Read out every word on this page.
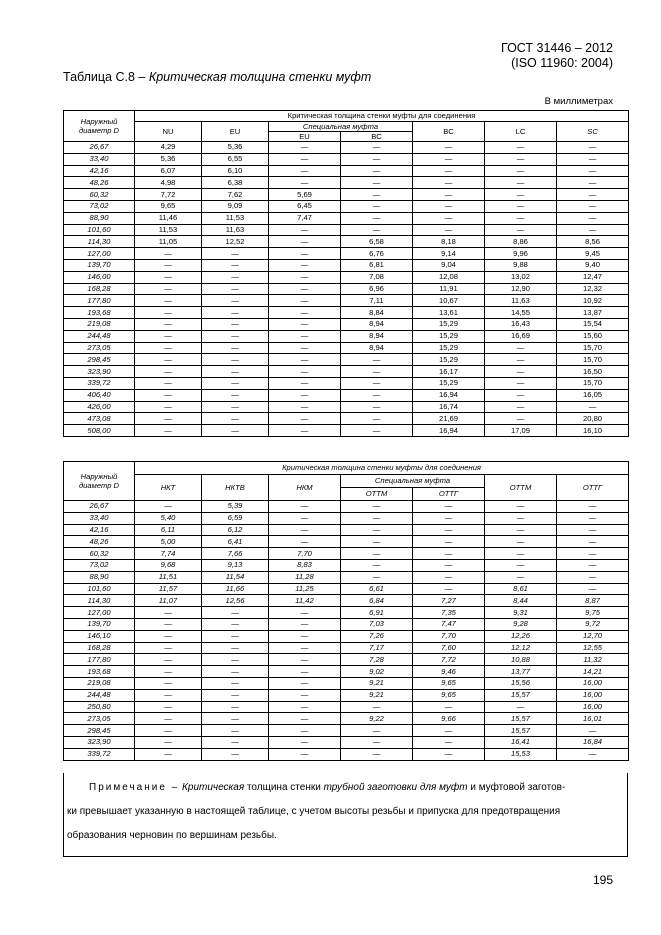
ГОСТ 31446 – 2012
(ISO 11960: 2004)
Таблица С.8 – Критическая толщина стенки муфт
В миллиметрах
Наружный диаметр D	Критическая толщина стенки муфты для соединения						
	NU	EU	Специальная муфта		BC	LC	SC
			EU	BC			
26,67	4,29	5,36	—	—	—	—	—
33,40	5,36	6,55	—	—	—	—	—
42,16	6,07	6,10	—	—	—	—	—
48,26	4,98	6,38	—	—	—	—	—
60,32	7,72	7,62	5,69	—	—	—	—
73,02	9,65	9,09	6,45	—	—	—	—
88,90	11,46	11,53	7,47	—	—	—	—
101,60	11,53	11,63	—	—	—	—	—
114,30	11,05	12,52	—	6,58	8,18	8,86	8,56
127,00	—	—	—	6,76	9,14	9,96	9,45
139,70	—	—	—	6,81	9,04	9,88	9,40
146,00	—	—	—	7,08	12,08	13,02	12,47
168,28	—	—	—	6,96	11,91	12,90	12,32
177,80	—	—	—	7,11	10,67	11,63	10,92
193,68	—	—	—	8,84	13,61	14,55	13,87
219,08	—	—	—	8,94	15,29	16,43	15,54
244,48	—	—	—	8,94	15,29	16,69	15,60
273,05	—	—	—	8,94	15,29	—	15,70
298,45	—	—	—	—	15,29	—	15,70
323,90	—	—	—	—	16,17	—	16,50
339,72	—	—	—	—	15,29	—	15,70
406,40	—	—	—	—	16,94	—	16,05
426,00	—	—	—	—	16,74	—	—
473,08	—	—	—	—	21,69	—	20,80
508,00	—	—	—	—	16,94	17,09	16,10
Наружный диаметр D	Критическая толщина стенки муфты для соединения						
	НКТ	НКТВ	НКМ	Специальная муфта		ОТТМ	ОТТГ
				ОТТМ	ОТТГ		
26,67	—	5,39	—	—	—	—	—
33,40	5,40	6,59	—	—	—	—	—
42,16	6,11	6,12	—	—	—	—	—
48,26	5,00	6,41	—	—	—	—	—
60,32	7,74	7,66	7,70	—	—	—	—
73,02	9,68	9,13	8,83	—	—	—	—
88,90	11,51	11,54	11,28	—	—	—	—
101,60	11,57	11,66	11,25	6,61	—	8,61	—
114,30	11,07	12,56	11,42	6,84	7,27	8,44	8,87
127,00	—	—	—	6,91	7,35	9,31	9,75
139,70	—	—	—	7,03	7,47	9,28	9,72
146,10	—	—	—	7,26	7,70	12,26	12,70
168,28	—	—	—	7,17	7,60	12,12	12,55
177,80	—	—	—	7,28	7,72	10,88	11,32
193,68	—	—	—	9,02	9,46	13,77	14,21
219,08	—	—	—	9,21	9,65	15,56	16,00
244,48	—	—	—	9,21	9,65	15,57	16,00
250,80	—	—	—	—	—	—	16,00
273,05	—	—	—	9,22	9,66	15,57	16,01
298,45	—	—	—	—	—	15,57	—
323,90	—	—	—	—	—	16,41	16,84
339,72	—	—	—	—	—	15,53	—
Примечание – Критическая толщина стенки трубной заготовки для муфт и муфтовой заготов-
ки превышает указанную в настоящей таблице, с учетом высоты резьбы и припуска для предотвращения
образования черновин по вершинам резьбы.
195
